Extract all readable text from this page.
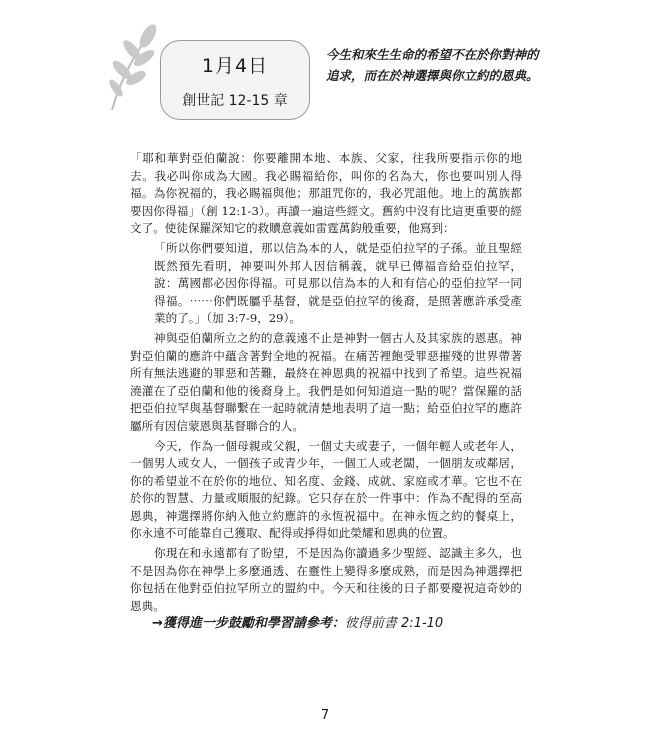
1月4日
創世記 12-15 章
今生和來生生命的希望不在於你對神的追求，而在於神選擇與你立約的恩典。

「耶和華對亞伯蘭說：你要離開本地、本族、父家，往我所要指示你的地去。我必叫你成為大國。我必賜福給你，叫你的名為大，你也要叫別人得福。為你祝福的，我必賜福與他；那詛咒你的，我必咒詛他。地上的萬族都要因你得福」（創 12:1-3）。再讀一遍這些經文。舊約中沒有比這更重要的經文了。使徒保羅深知它的救贖意義如雷霆萬鈞般重要，他寫到：

「所以你們要知道，那以信為本的人，就是亞伯拉罕的子孫。並且聖經既然預先看明，神要叫外邦人因信稱義，就早已傳福音給亞伯拉罕，說：萬國都必因你得福。可見那以信為本的人和有信心的亞伯拉罕一同得福。⋯⋯你們既屬乎基督，就是亞伯拉罕的後裔，是照著應許承受產業的了。」（加 3:7-9，29）。

神與亞伯蘭所立之約的意義遠不止是神對一個古人及其家族的恩惠。神對亞伯蘭的應許中蘊含著對全地的祝福。在痛苦裡飽受罪惡摧殘的世界帶著所有無法逃避的罪惡和苦難，最終在神恩典的祝福中找到了希望。這些祝福澆灌在了亞伯蘭和他的後裔身上。我們是如何知道這一點的呢？當保羅的話把亞伯拉罕與基督聯繫在一起時就清楚地表明了這一點；給亞伯拉罕的應許屬所有因信蒙恩與基督聯合的人。

今天，作為一個母親或父親，一個丈夫或妻子，一個年輕人或老年人，一個男人或女人，一個孩子或青少年，一個工人或老闆，一個朋友或鄰居，你的希望並不在於你的地位、知名度、金錢、成就、家庭或才華。它也不在於你的智慧、力量或順服的紀錄。它只存在於一件事中：作為不配得的至高恩典，神選擇將你納入他立約應許的永恆祝福中。在神永恆之約的餐桌上，你永遠不可能靠自己獲取、配得或掙得如此榮耀和恩典的位置。

你現在和永遠都有了盼望，不是因為你讀過多少聖經、認識主多久，也不是因為你在神學上多麼通透、在靈性上變得多麼成熟，而是因為神選擇把你包括在他對亞伯拉罕所立的盟約中。今天和往後的日子都要慶祝這奇妙的恩典。

→獲得進一步鼓勵和學習請參考：彼得前書 2:1-10
7
